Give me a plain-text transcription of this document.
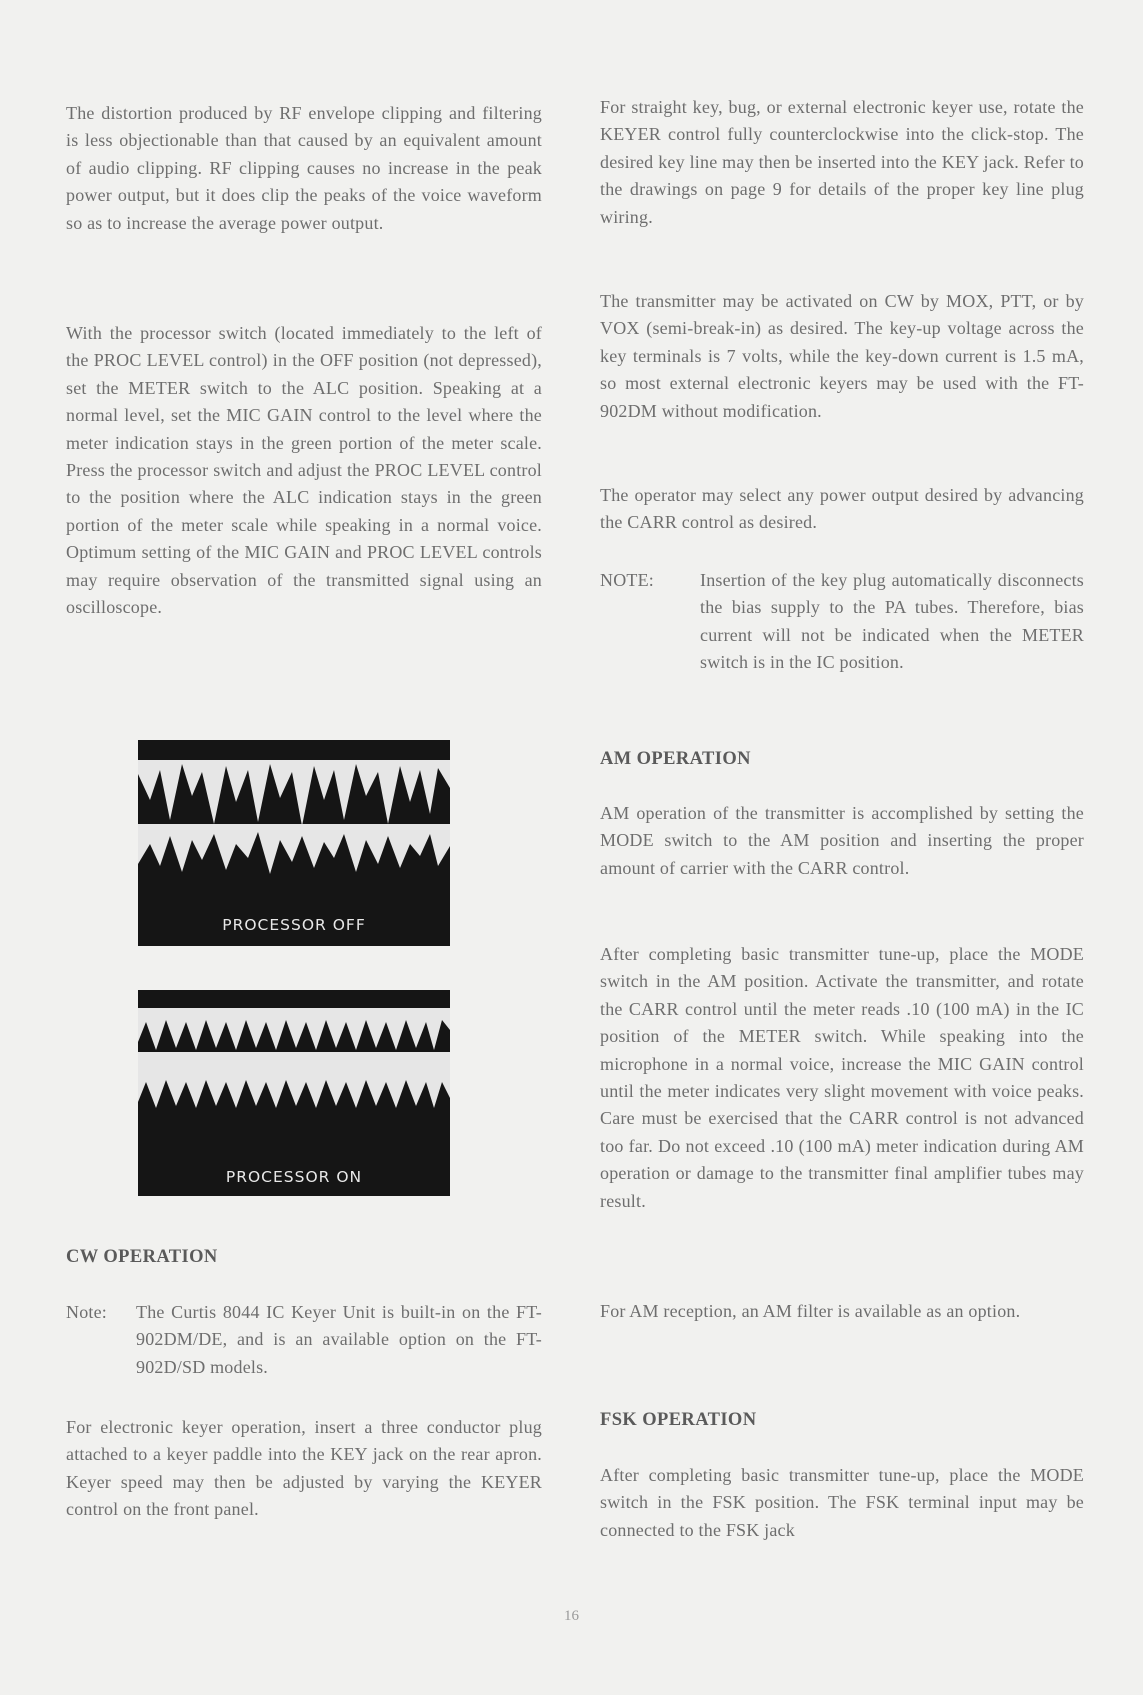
The distortion produced by RF envelope clipping and filtering is less objectionable than that caused by an equivalent amount of audio clipping. RF clipping causes no increase in the peak power output, but it does clip the peaks of the voice waveform so as to increase the average power output.

With the processor switch (located immediately to the left of the PROC LEVEL control) in the OFF position (not depressed), set the METER switch to the ALC position. Speaking at a normal level, set the MIC GAIN control to the level where the meter indication stays in the green portion of the meter scale. Press the processor switch and adjust the PROC LEVEL control to the position where the ALC indication stays in the green portion of the meter scale while speaking in a normal voice. Optimum setting of the MIC GAIN and PROC LEVEL controls may require observation of the transmitted signal using an oscilloscope.

PROCESSOR OFF
PROCESSOR ON
CW OPERATION
Note: The Curtis 8044 IC Keyer Unit is built-in on the FT-902DM/DE, and is an available option on the FT-902D/SD models.

For electronic keyer operation, insert a three conductor plug attached to a keyer paddle into the KEY jack on the rear apron. Keyer speed may then be adjusted by varying the KEYER control on the front panel.

For straight key, bug, or external electronic keyer use, rotate the KEYER control fully counterclockwise into the click-stop. The desired key line may then be inserted into the KEY jack. Refer to the drawings on page 9 for details of the proper key line plug wiring.

The transmitter may be activated on CW by MOX, PTT, or by VOX (semi-break-in) as desired. The key-up voltage across the key terminals is 7 volts, while the key-down current is 1.5 mA, so most external electronic keyers may be used with the FT-902DM without modification.

The operator may select any power output desired by advancing the CARR control as desired.

NOTE:	Insertion of the key plug automatically disconnects the bias supply to the PA tubes. Therefore, bias current will not be indicated when the METER switch is in the IC position.

AM OPERATION

AM operation of the transmitter is accomplished by setting the MODE switch to the AM position and inserting the proper amount of carrier with the CARR control.

After completing basic transmitter tune-up, place the MODE switch in the AM position. Activate the transmitter, and rotate the CARR control until the meter reads .10 (100 mA) in the IC position of the METER switch. While speaking into the microphone in a normal voice, increase the MIC GAIN control until the meter indicates very slight movement with voice peaks. Care must be exercised that the CARR control is not advanced too far. Do not exceed .10 (100 mA) meter indication during AM operation or damage to the transmitter final amplifier tubes may result.

For AM reception, an AM filter is available as an option.

FSK OPERATION

After completing basic transmitter tune-up, place the MODE switch in the FSK position. The FSK terminal input may be connected to the FSK jack

16
